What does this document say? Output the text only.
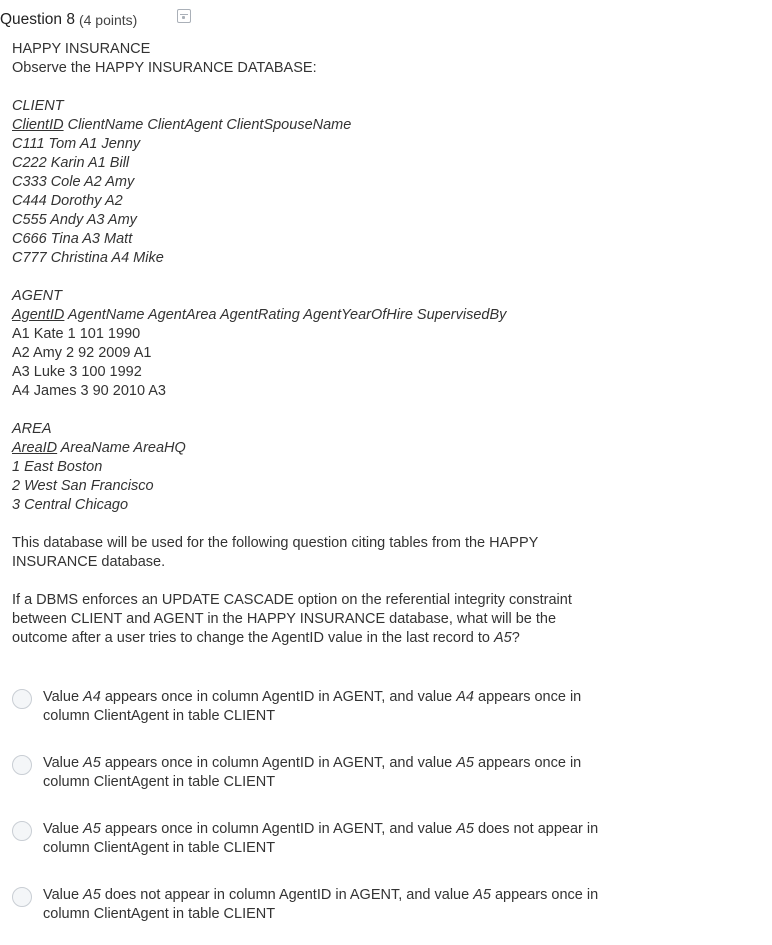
Question 8 (4 points)
HAPPY INSURANCE
Observe the HAPPY INSURANCE DATABASE:
CLIENT
ClientID ClientName ClientAgent ClientSpouseName
C111 Tom A1 Jenny
C222 Karin A1 Bill
C333 Cole A2 Amy
C444 Dorothy A2
C555 Andy A3 Amy
C666 Tina A3 Matt
C777 Christina A4 Mike
AGENT
AgentID AgentName AgentArea AgentRating AgentYearOfHire SupervisedBy
A1 Kate 1 101 1990
A2 Amy 2 92 2009 A1
A3 Luke 3 100 1992
A4 James 3 90 2010 A3
AREA
AreaID AreaName AreaHQ
1 East Boston
2 West San Francisco
3 Central Chicago
This database will be used for the following question citing tables from the HAPPY INSURANCE database.
If a DBMS enforces an UPDATE CASCADE option on the referential integrity constraint between CLIENT and AGENT in the HAPPY INSURANCE database, what will be the outcome after a user tries to change the AgentID value in the last record to A5?
Value A4 appears once in column AgentID in AGENT, and value A4 appears once in column ClientAgent in table CLIENT
Value A5 appears once in column AgentID in AGENT, and value A5 appears once in column ClientAgent in table CLIENT
Value A5 appears once in column AgentID in AGENT, and value A5 does not appear in column ClientAgent in table CLIENT
Value A5 does not appear in column AgentID in AGENT, and value A5 appears once in column ClientAgent in table CLIENT
